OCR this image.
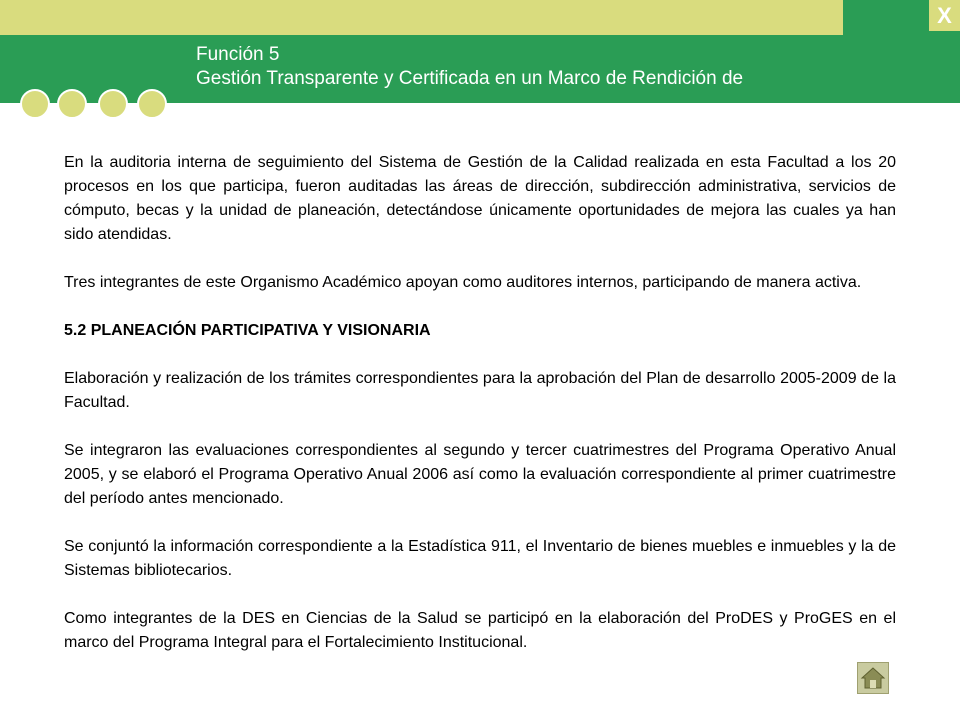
X
Función 5
Gestión Transparente y Certificada en un Marco de Rendición de

En la auditoria interna de seguimiento del Sistema de Gestión de la Calidad realizada en esta Facultad a los 20 procesos en los que participa, fueron auditadas las áreas de dirección, subdirección administrativa, servicios de cómputo, becas y la unidad de planeación, detectándose únicamente oportunidades de mejora las cuales ya han sido atendidas.

Tres integrantes de este Organismo Académico apoyan como auditores internos, participando de manera activa.

5.2 PLANEACIÓN PARTICIPATIVA Y VISIONARIA

Elaboración y realización de los trámites correspondientes para la aprobación del Plan de desarrollo 2005-2009 de la Facultad.

Se integraron las evaluaciones correspondientes al segundo y tercer cuatrimestres del Programa Operativo Anual 2005, y se elaboró el Programa Operativo Anual 2006 así como la evaluación correspondiente al primer cuatrimestre del período antes mencionado.

Se conjuntó la información correspondiente a la Estadística 911, el Inventario de bienes muebles e inmuebles y la de Sistemas bibliotecarios.

Como integrantes de la DES en Ciencias de la Salud se participó en la elaboración del ProDES y ProGES en el marco del Programa Integral para el Fortalecimiento Institucional.
